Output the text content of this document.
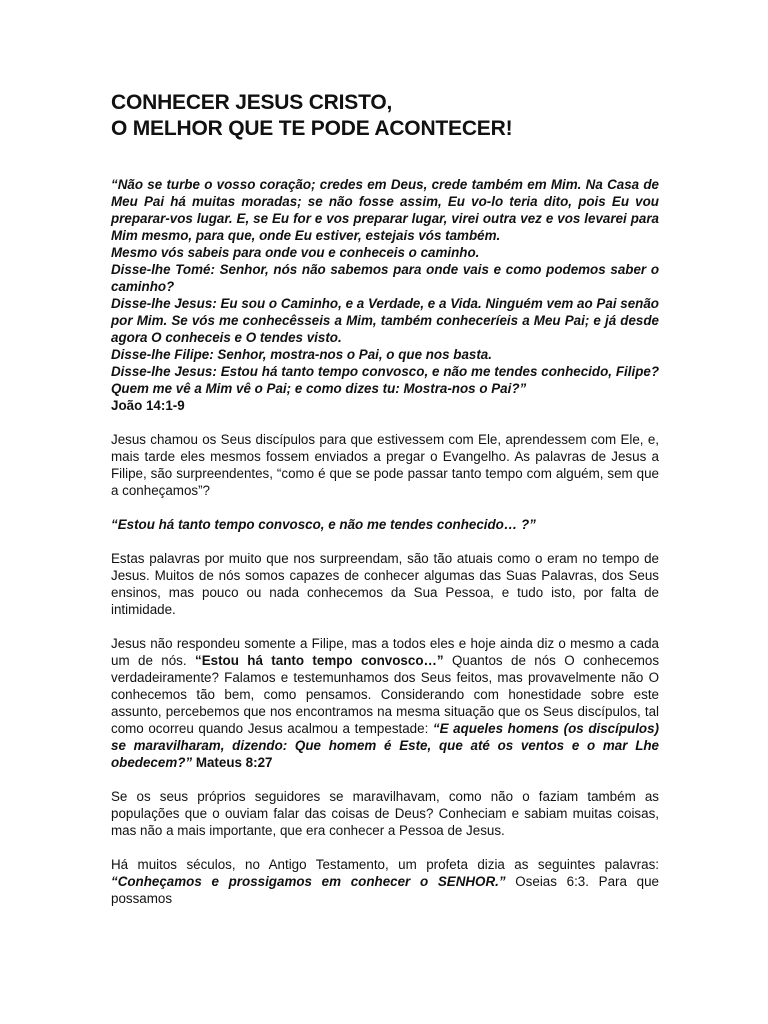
CONHECER JESUS CRISTO,
O MELHOR QUE TE PODE ACONTECER!
“Não se turbe o vosso coração; credes em Deus, crede também em Mim. Na Casa de Meu Pai há muitas moradas; se não fosse assim, Eu vo-lo teria dito, pois Eu vou preparar-vos lugar. E, se Eu for e vos preparar lugar, virei outra vez e vos levarei para Mim mesmo, para que, onde Eu estiver, estejais vós também.
Mesmo vós sabeis para onde vou e conheceis o caminho.
Disse-lhe Tomé: Senhor, nós não sabemos para onde vais e como podemos saber o caminho?
Disse-lhe Jesus: Eu sou o Caminho, e a Verdade, e a Vida. Ninguém vem ao Pai senão por Mim. Se vós me conhecêsseis a Mim, também conheceríeis a Meu Pai; e já desde agora O conheceis e O tendes visto.
Disse-lhe Filipe: Senhor, mostra-nos o Pai, o que nos basta.
Disse-lhe Jesus: Estou há tanto tempo convosco, e não me tendes conhecido, Filipe? Quem me vê a Mim vê o Pai; e como dizes tu: Mostra-nos o Pai?”
João 14:1-9

Jesus chamou os Seus discípulos para que estivessem com Ele, aprendessem com Ele, e, mais tarde eles mesmos fossem enviados a pregar o Evangelho. As palavras de Jesus a Filipe, são surpreendentes, “como é que se pode passar tanto tempo com alguém, sem que a conheçamos”?

“Estou há tanto tempo convosco, e não me tendes conhecido… ?”

Estas palavras por muito que nos surpreendam, são tão atuais como o eram no tempo de Jesus. Muitos de nós somos capazes de conhecer algumas das Suas Palavras, dos Seus ensinos, mas pouco ou nada conhecemos da Sua Pessoa, e tudo isto, por falta de intimidade.

Jesus não respondeu somente a Filipe, mas a todos eles e hoje ainda diz o mesmo a cada um de nós. “Estou há tanto tempo convosco…” Quantos de nós O conhecemos verdadeiramente? Falamos e testemunhamos dos Seus feitos, mas provavelmente não O conhecemos tão bem, como pensamos. Considerando com honestidade sobre este assunto, percebemos que nos encontramos na mesma situação que os Seus discípulos, tal como ocorreu quando Jesus acalmou a tempestade: “E aqueles homens (os discípulos) se maravilharam, dizendo: Que homem é Este, que até os ventos e o mar Lhe obedecem?” Mateus 8:27

Se os seus próprios seguidores se maravilhavam, como não o faziam também as populações que o ouviam falar das coisas de Deus? Conheciam e sabiam muitas coisas, mas não a mais importante, que era conhecer a Pessoa de Jesus.

Há muitos séculos, no Antigo Testamento, um profeta dizia as seguintes palavras: “Conheçamos e prossigamos em conhecer o SENHOR.” Oseias 6:3. Para que possamos
